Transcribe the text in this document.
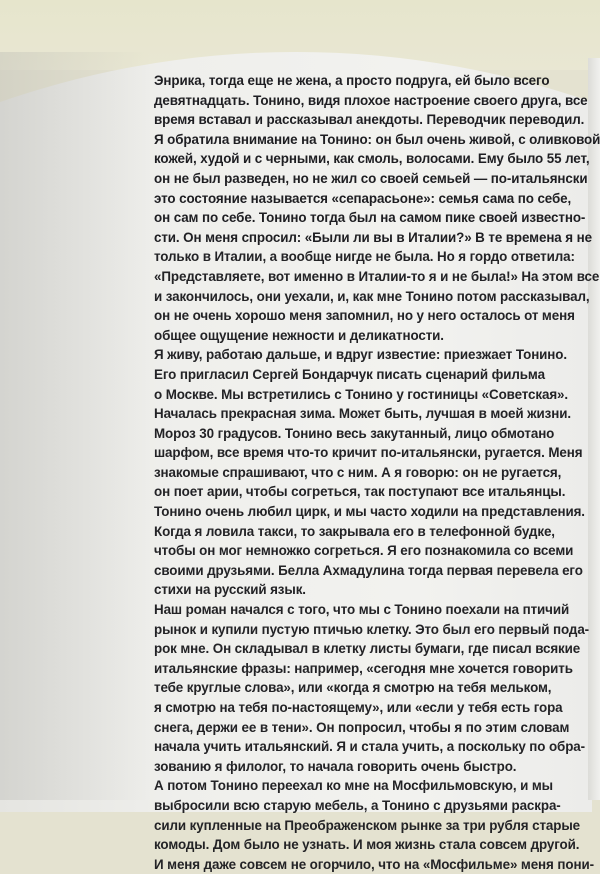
Энрика, тогда еще не жена, а просто подруга, ей было всего
девятнадцать. Тонино, видя плохое настроение своего друга, все
время вставал и рассказывал анекдоты. Переводчик переводил.
Я обратила внимание на Тонино: он был очень живой, с оливковой
кожей, худой и с черными, как смоль, волосами. Ему было 55 лет,
он не был разведен, но не жил со своей семьей — по-итальянски
это состояние называется «сепарасьоне»: семья сама по себе,
он сам по себе. Тонино тогда был на самом пике своей известно-
сти. Он меня спросил: «Были ли вы в Италии?» В те времена я не
только в Италии, а вообще нигде не была. Но я гордо ответила:
«Представляете, вот именно в Италии-то я и не была!» На этом все
и закончилось, они уехали, и, как мне Тонино потом рассказывал,
он не очень хорошо меня запомнил, но у него осталось от меня
общее ощущение нежности и деликатности.
Я живу, работаю дальше, и вдруг известие: приезжает Тонино.
Его пригласил Сергей Бондарчук писать сценарий фильма
о Москве. Мы встретились с Тонино у гостиницы «Советская».
Началась прекрасная зима. Может быть, лучшая в моей жизни.
Мороз 30 градусов. Тонино весь закутанный, лицо обмотано
шарфом, все время что-то кричит по-итальянски, ругается. Меня
знакомые спрашивают, что с ним. А я говорю: он не ругается,
он поет арии, чтобы согреться, так поступают все итальянцы.
Тонино очень любил цирк, и мы часто ходили на представления.
Когда я ловила такси, то закрывала его в телефонной будке,
чтобы он мог немножко согреться. Я его познакомила со всеми
своими друзьями. Белла Ахмадулина тогда первая перевела его
стихи на русский язык.
Наш роман начался с того, что мы с Тонино поехали на птичий
рынок и купили пустую птичью клетку. Это был его первый пода-
рок мне. Он складывал в клетку листы бумаги, где писал всякие
итальянские фразы: например, «сегодня мне хочется говорить
тебе круглые слова», или «когда я смотрю на тебя мельком,
я смотрю на тебя по-настоящему», или «если у тебя есть гора
снега, держи ее в тени». Он попросил, чтобы я по этим словам
начала учить итальянский. Я и стала учить, а поскольку по обра-
зованию я филолог, то начала говорить очень быстро.
А потом Тонино переехал ко мне на Мосфильмовскую, и мы
выбросили всю старую мебель, а Тонино с друзьями раскра-
сили купленные на Преображенском рынке за три рубля старые
комоды. Дом было не узнать. И моя жизнь стала совсем другой.
И меня даже совсем не огорчило, что на «Мосфильме» меня пони-
